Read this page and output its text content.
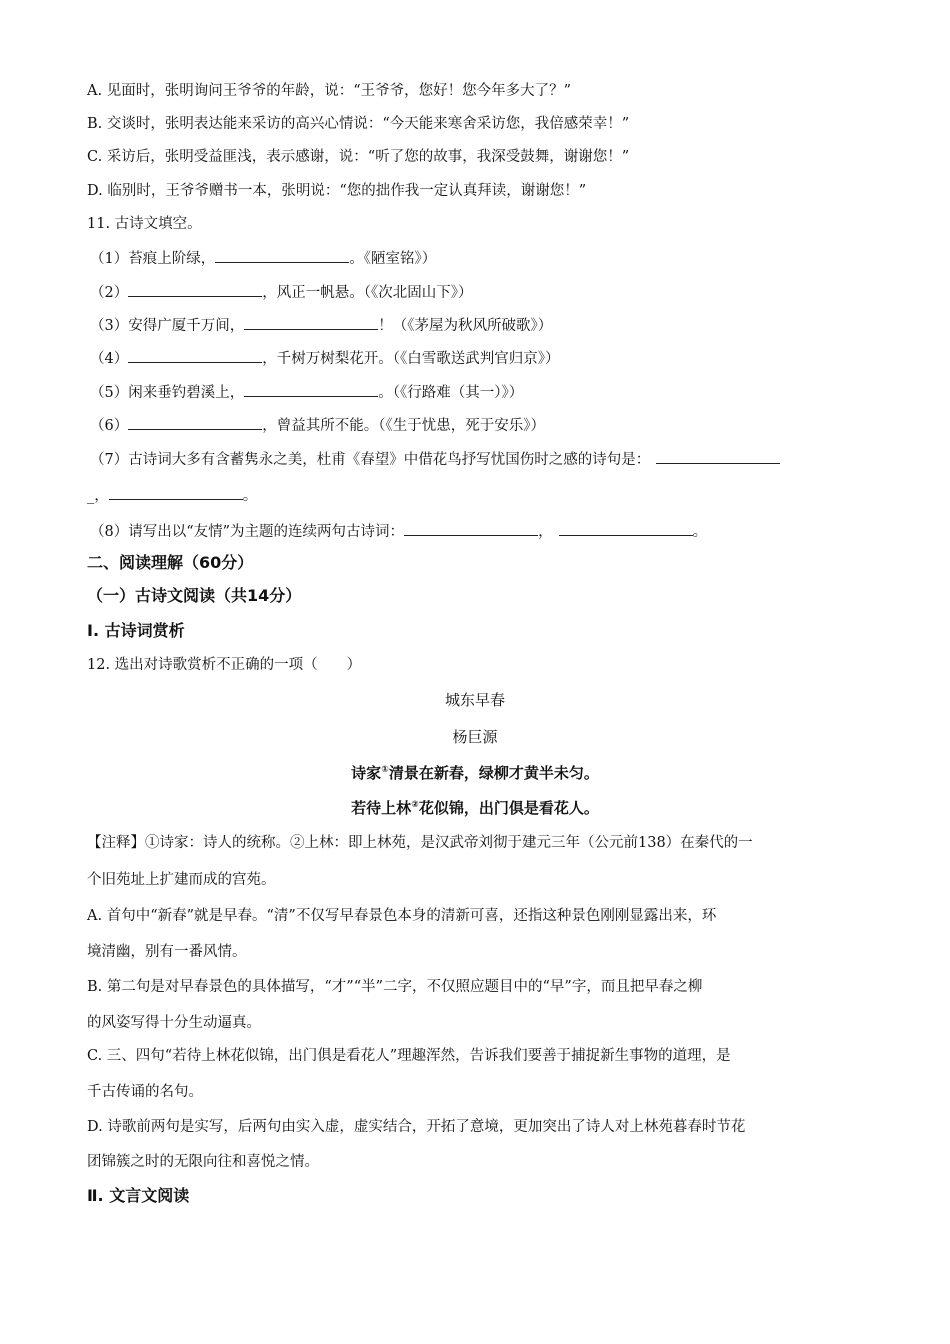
A. 见面时，张明询问王爷爷的年龄，说：“王爷爷，您好！您今年多大了？”
B. 交谈时，张明表达能来采访的高兴心情说：“今天能来寒舍采访您，我倍感荣幸！”
C. 采访后，张明受益匪浅，表示感谢，说：“听了您的故事，我深受鼓舞，谢谢您！”
D. 临别时，王爷爷赠书一本，张明说：“您的拙作我一定认真拜读，谢谢您！”
11. 古诗文填空。
（1）苔痕上阶绿，	。《陋室铭》）
（2）	，风正一帆悬。（《次北固山下》）
（3）安得广厦千万间，	！（《茅屋为秋风所破歌》）
（4）	，千树万树梨花开。（《白雪歌送武判官归京》）
（5）闲来垂钓碧溪上，	。（《行路难（其一）》）
（6）	，曾益其所不能。（《生于忧患，死于安乐》）
（7）古诗词大多有含蓄隽永之美，杜甫《春望》中借花鸟抒写忧国伤时之感的诗句是：
_，	。
（8）请写出以“友情”为主题的连续两句古诗词：	，	。
二、阅读理解（60分）
（一）古诗文阅读（共14分）
Ⅰ. 古诗词赏析
12. 选出对诗歌赏析不正确的一项（　　）
城东早春
杨巨源
诗家①清景在新春，绿柳才黄半未匀。
若待上林②花似锦，出门俱是看花人。
【注释】①诗家：诗人的统称。②上林：即上林苑，是汉武帝刘彻于建元三年（公元前138）在秦代的一
个旧苑址上扩建而成的宫苑。
A. 首句中“新春”就是早春。“清”不仅写早春景色本身的清新可喜，还指这种景色刚刚显露出来，环
境清幽，别有一番风情。
B. 第二句是对早春景色的具体描写，“才”“半”二字，不仅照应题目中的“早”字，而且把早春之柳
的风姿写得十分生动逼真。
C. 三、四句“若待上林花似锦，出门俱是看花人”理趣浑然，告诉我们要善于捕捉新生事物的道理，是
千古传诵的名句。
D. 诗歌前两句是实写，后两句由实入虚，虚实结合，开拓了意境，更加突出了诗人对上林苑暮春时节花
团锦簇之时的无限向往和喜悦之情。
Ⅱ. 文言文阅读
